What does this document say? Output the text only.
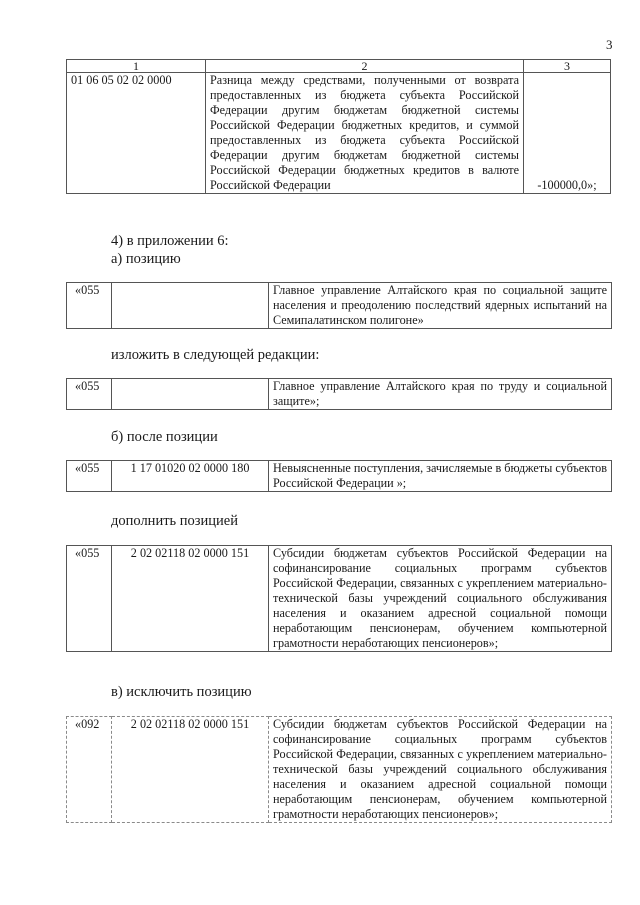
3
1	2	3
01 06 05 02 02 0000	Разница между средствами, полученными от возврата предоставленных из бюджета субъекта Российской Федерации другим бюджетам бюджетной системы Российской Федерации бюджетных кредитов, и суммой предоставленных из бюджета субъекта Российской Федерации другим бюджетам бюджетной системы Российской Федерации бюджетных кредитов в валюте Российской Федерации	-100000,0»;
4) в приложении 6:
а) позицию
«055		Главное управление Алтайского края по социальной защите населения и преодолению последствий ядерных испытаний на Семипалатинском полигоне»
изложить в следующей редакции:
«055		Главное управление Алтайского края по труду и социальной защите»;
б) после позиции
«055	1 17 01020 02 0000 180	Невыясненные поступления, зачисляемые в бюджеты субъектов Российской Федерации »;
дополнить позицией
«055	2 02 02118 02 0000 151	Субсидии бюджетам субъектов Российской Федерации на софинансирование социальных программ субъектов Российской Федерации, связанных с укреплением материально-технической базы учреждений социального обслуживания населения и оказанием адресной социальной помощи неработающим пенсионерам, обучением компьютерной грамотности неработающих пенсионеров»;
в) исключить позицию
«092	2 02 02118 02 0000 151	Субсидии бюджетам субъектов Российской Федерации на софинансирование социальных программ субъектов Российской Федерации, связанных с укреплением материально-технической базы учреждений социального обслуживания населения и оказанием адресной социальной помощи неработающим пенсионерам, обучением компьютерной грамотности неработающих пенсионеров»;
